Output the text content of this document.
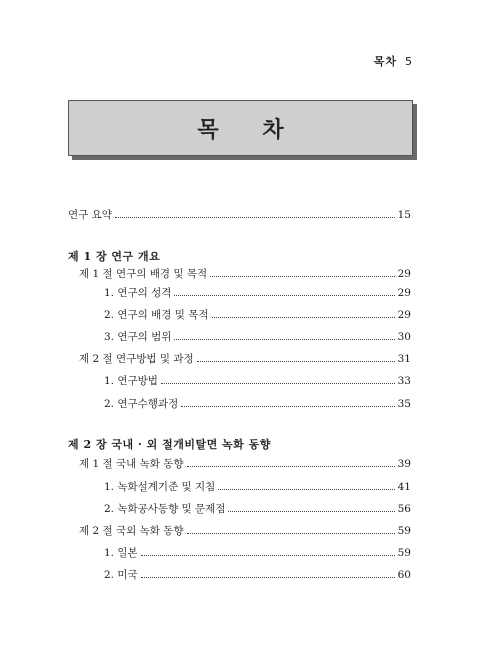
목차 5
목 차
연구 요약	15
제 1 장 연구 개요
제 1 절 연구의 배경 및 목적	29
1. 연구의 성격	29
2. 연구의 배경 및 목적	29
3. 연구의 범위	30
제 2 절 연구방법 및 과정	31
1. 연구방법	33
2. 연구수행과정	35
제 2 장 국내 · 외 절개비탈면 녹화 동향
제 1 절 국내 녹화 동향	39
1. 녹화설계기준 및 지침	41
2. 녹화공사동향 및 문제점	56
제 2 절 국외 녹화 동향	59
1. 일본	59
2. 미국	60
